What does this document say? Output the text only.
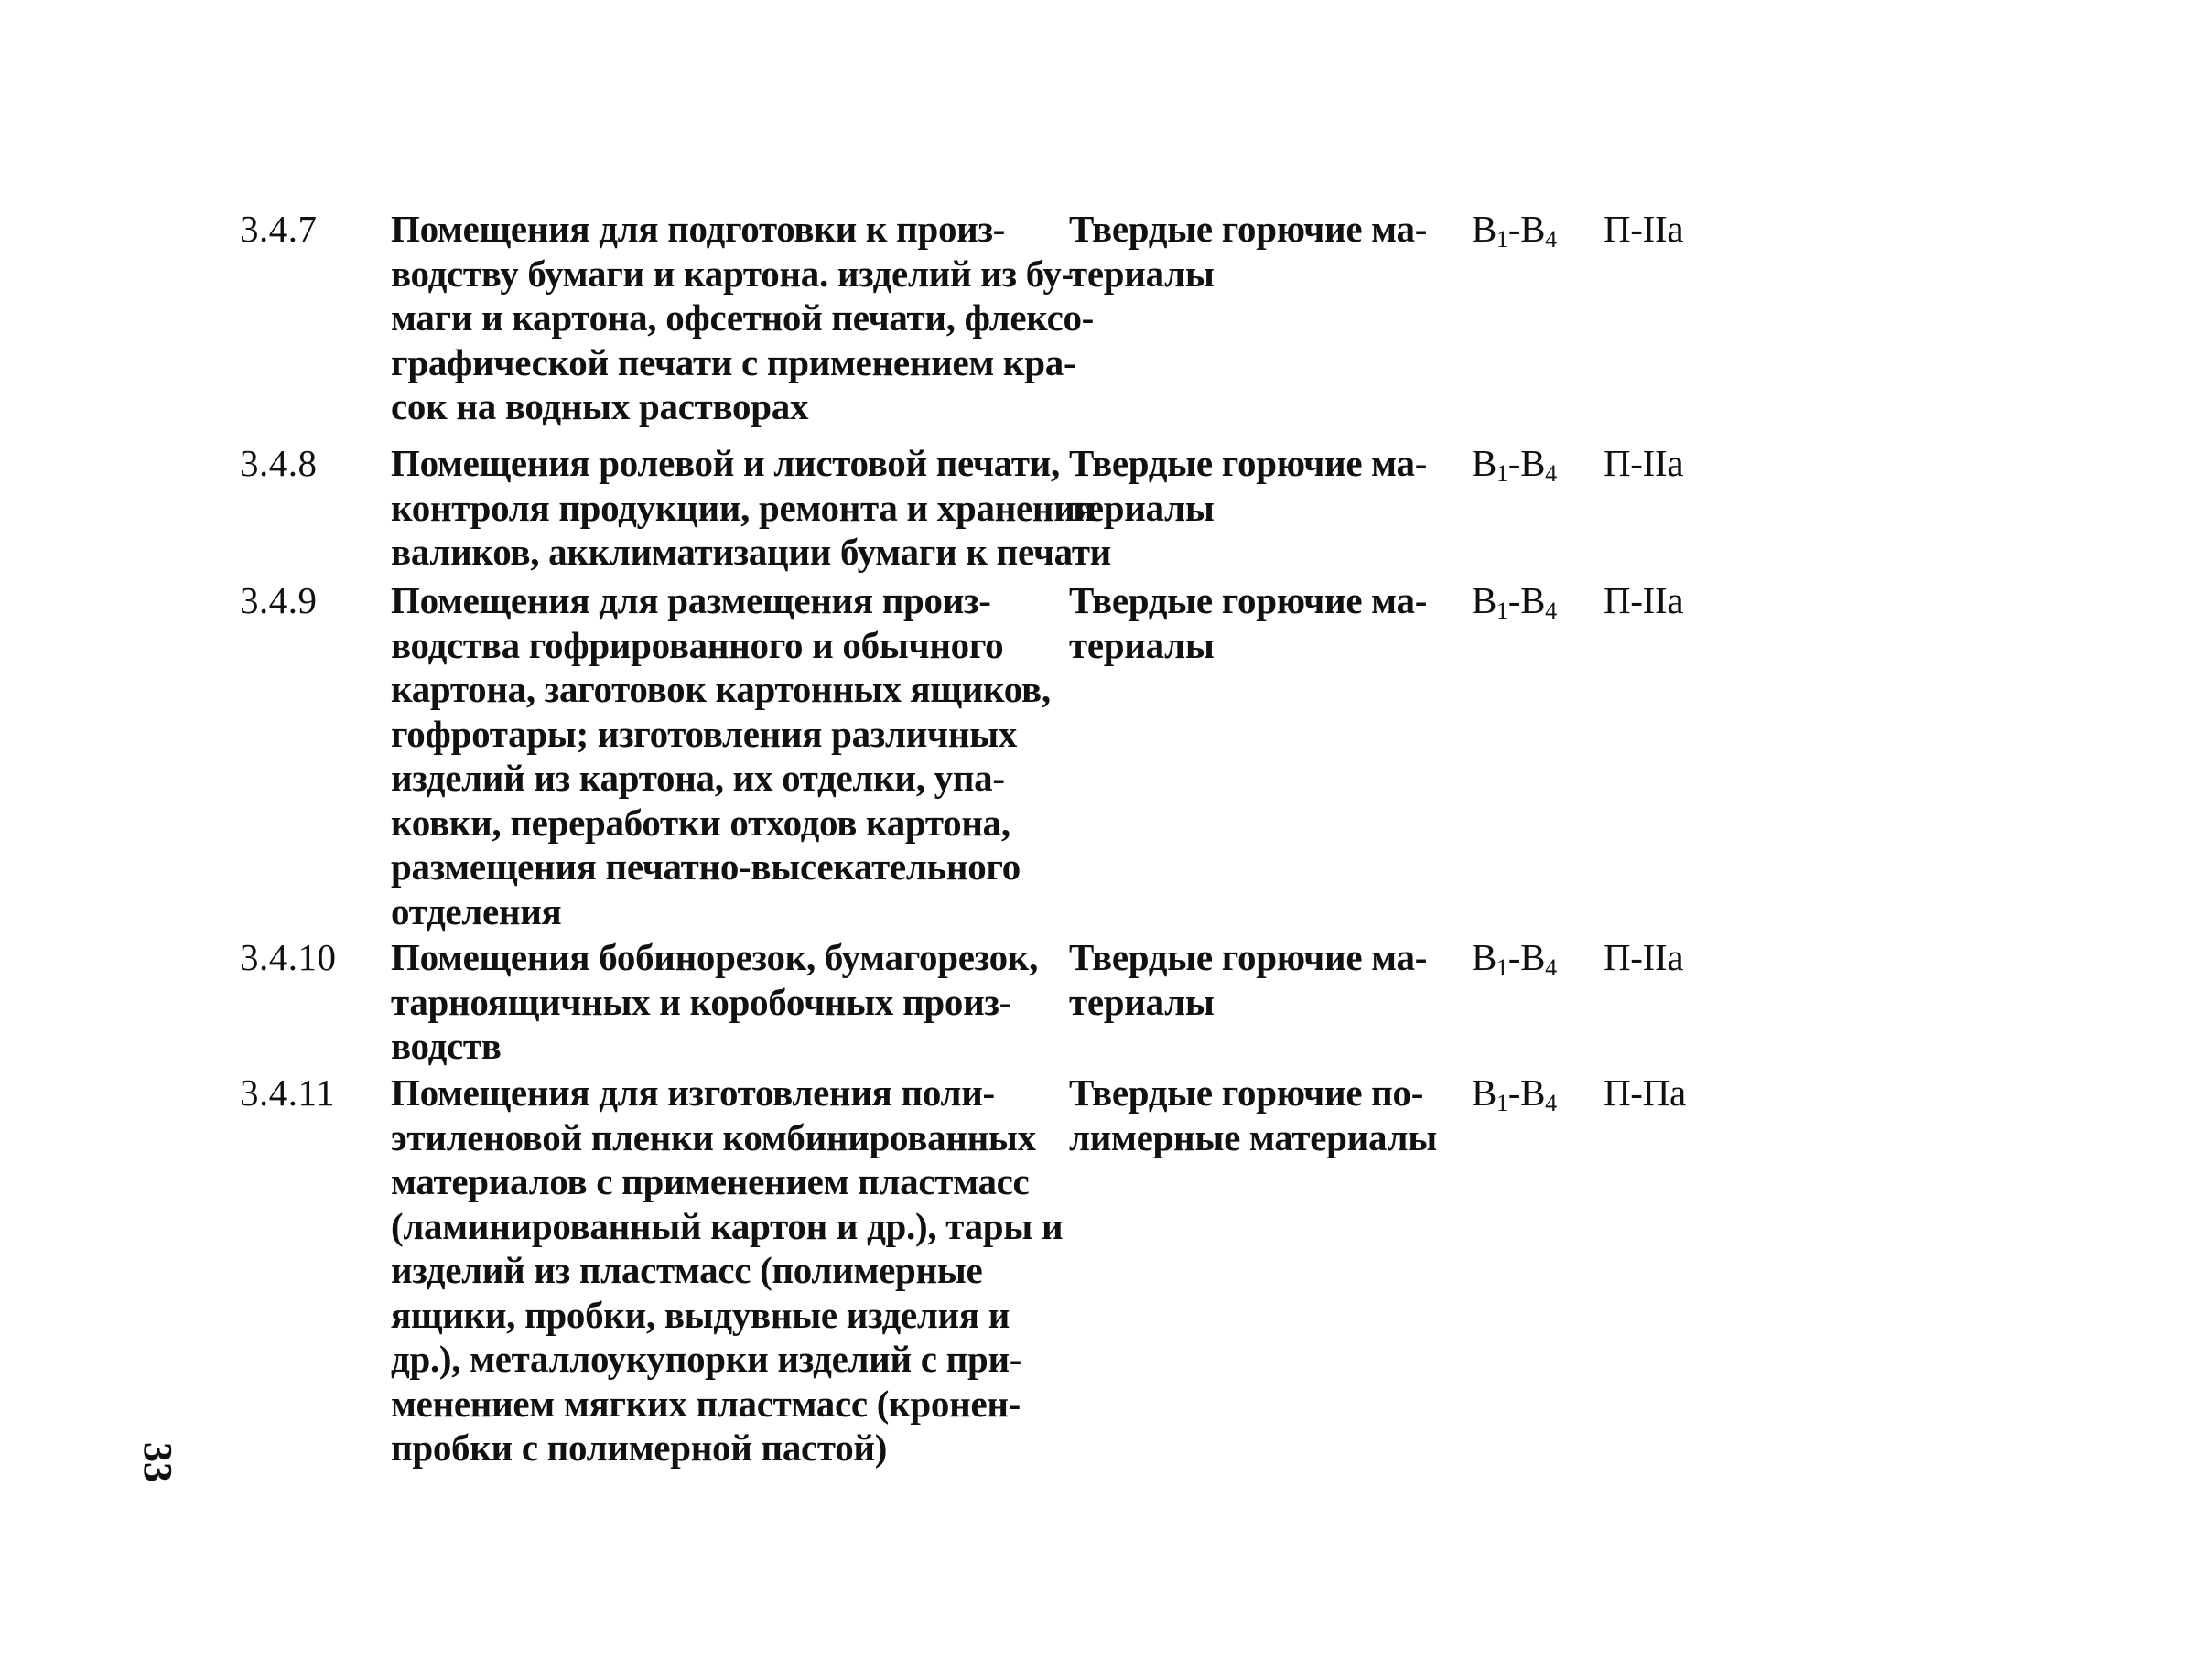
3.4.7 Помещения для подготовки к произ-
водству бумаги и картона. изделий из бу-
маги и картона, офсетной печати, флексо-
графической печати с применением кра-
сок на водных растворах
Твердые горючие ма-
териалы
$В_1-В_4$ П-IIа
3.4.8 Помещения ролевой и листовой печати,
контроля продукции, ремонта и хранения
валиков, акклиматизации бумаги к печати
Твердые горючие ма-
териалы
$В_1-В_4$ П-IIа
3.4.9 Помещения для размещения произ-
водства гофрированного и обычного
картона, заготовок картонных ящиков,
гофротары; изготовления различных
изделий из картона, их отделки, упа-
ковки, переработки отходов картона,
размещения печатно-высекательного
отделения
Твердые горючие ма-
териалы
$В_1-В_4$ П-IIа
3.4.10 Помещения бобинорезок, бумагорезок,
тарноящичных и коробочных произ-
водств
Твердые горючие ма-
териалы
$В_1-В_4$ П-IIа
3.4.11 Помещения для изготовления поли-
этиленовой пленки комбинированных
материалов с применением пластмасс
(ламинированный картон и др.), тары и
изделий из пластмасс (полимерные
ящики, пробки, выдувные изделия и
др.), металлоукупорки изделий с при-
менением мягких пластмасс (кронен-
пробки с полимерной пастой)
Твердые горючие по-
лимерные материалы
$В_1-В_4$ П-Па
33
